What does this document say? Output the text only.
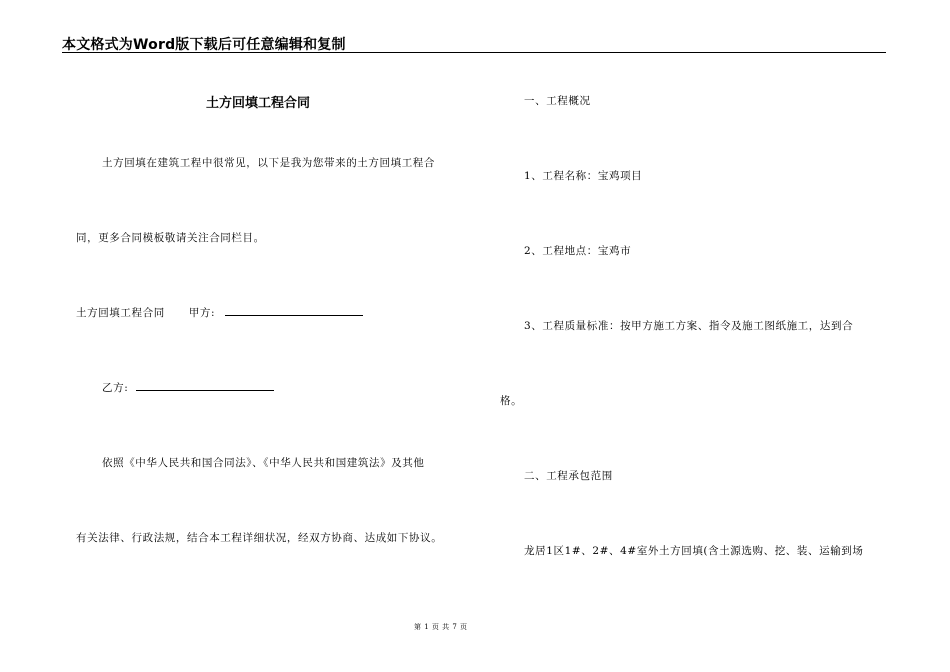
本文格式为Word版下载后可任意编辑和复制
土方回填工程合同
土方回填在建筑工程中很常见，以下是我为您带来的土方回填工程合
同，更多合同模板敬请关注合同栏目。
土方回填工程合同 甲方:
乙方:
依照《中华人民共和国合同法》、《中华人民共和国建筑法》及其他
有关法律、行政法规，结合本工程详细状况，经双方协商、达成如下协议。
一、工程概况
1、工程名称：宝鸡项目
2、工程地点：宝鸡市
3、工程质量标准：按甲方施工方案、指令及施工图纸施工，达到合
格。
二、工程承包范围
龙居1区1#、2#、4#室外土方回填(含土源选购、挖、装、运输到场
第 1 页 共 7 页
